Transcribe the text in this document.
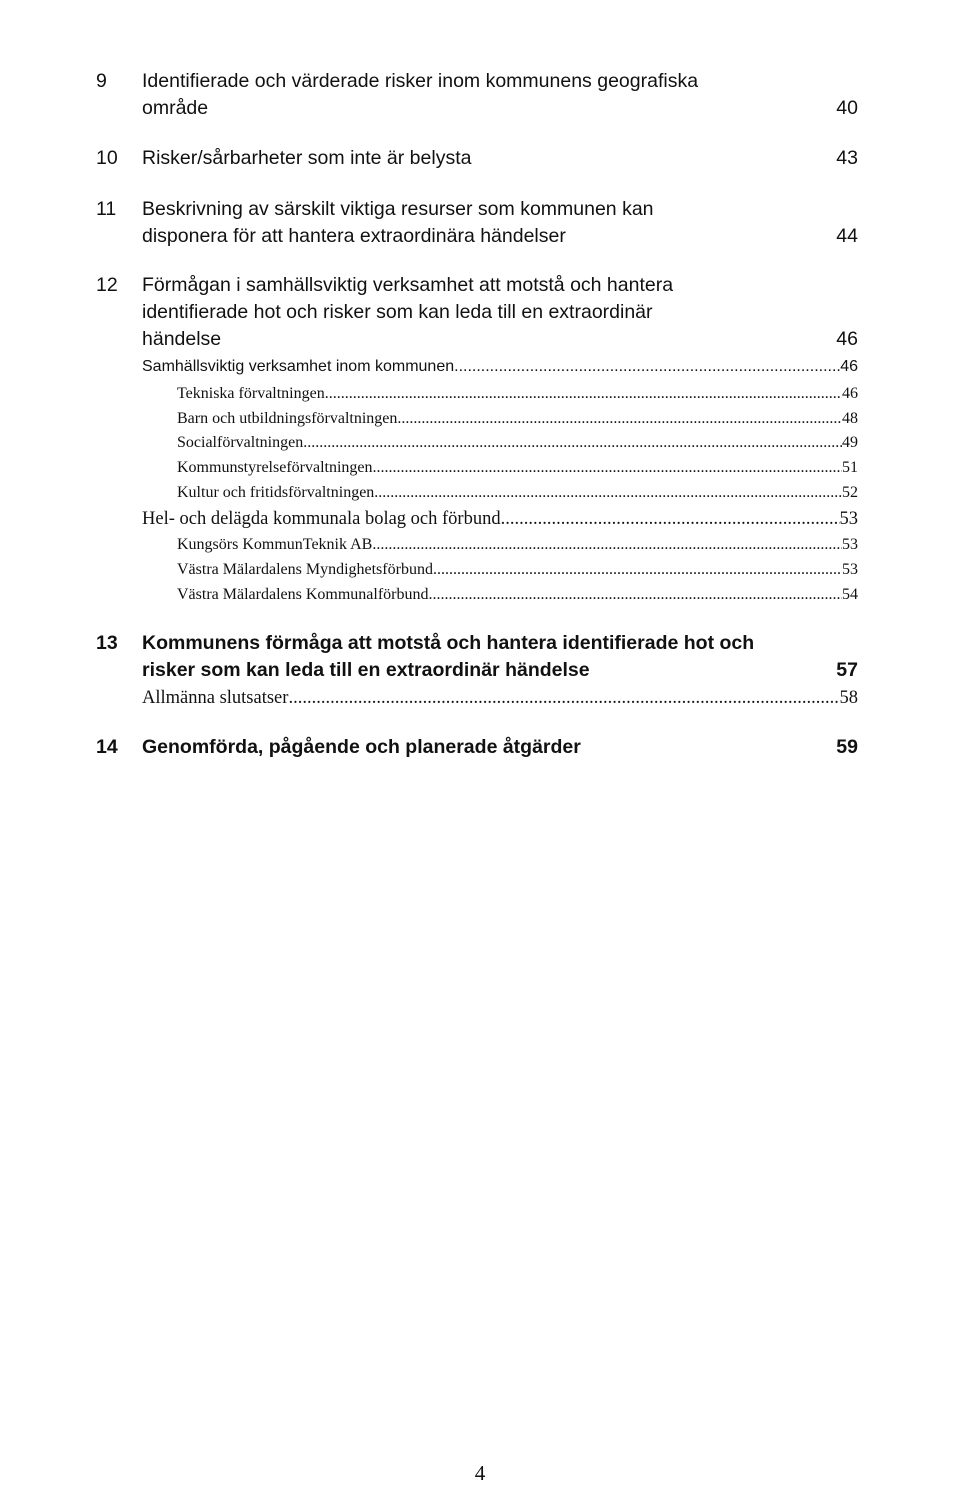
9 Identifierade och värderade risker inom kommunens geografiska
område	40
10 Risker/sårbarheter som inte är belysta	43
11 Beskrivning av särskilt viktiga resurser som kommunen kan
disponera för att hantera extraordinära händelser	44
12 Förmågan i samhällsviktig verksamhet att motstå och hantera
identifierade hot och risker som kan leda till en extraordinär
händelse	46
Samhällsviktig verksamhet inom kommunen. .....	46
Tekniska förvaltningen .....	46
Barn och utbildningsförvaltningen .....	48
Socialförvaltningen .....	49
Kommunstyrelseförvaltningen .....	51
Kultur och fritidsförvaltningen .....	52
Hel- och delägda kommunala bolag och förbund .....	53
Kungsörs KommunTeknik AB .....	53
Västra Mälardalens Myndighetsförbund .....	53
Västra Mälardalens Kommunalförbund .....	54
13 Kommunens förmåga att motstå och hantera identifierade hot och
risker som kan leda till en extraordinär händelse	57
Allmänna slutsatser .....	58
14 Genomförda, pågående och planerade åtgärder	59
4
